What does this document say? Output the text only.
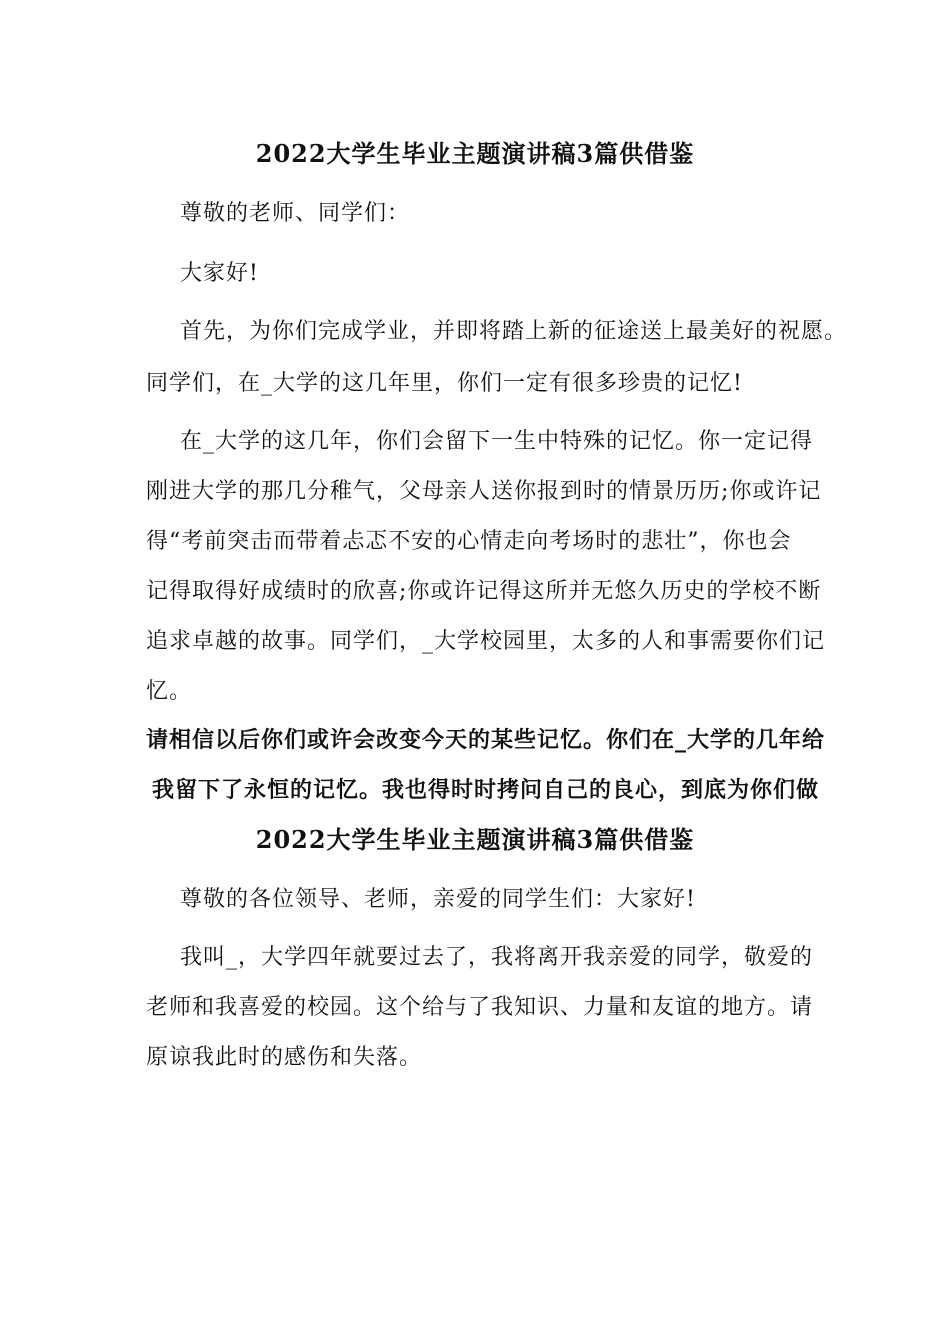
2022大学生毕业主题演讲稿3篇供借鉴
尊敬的老师、同学们：
大家好!
首先，为你们完成学业，并即将踏上新的征途送上最美好的祝愿。
同学们，在_大学的这几年里，你们一定有很多珍贵的记忆!
在_大学的这几年，你们会留下一生中特殊的记忆。你一定记得
刚进大学的那几分稚气，父母亲人送你报到时的情景历历;你或许记
得“考前突击而带着忐忑不安的心情走向考场时的悲壮”，你也会
记得取得好成绩时的欣喜;你或许记得这所并无悠久历史的学校不断
追求卓越的故事。同学们，_大学校园里，太多的人和事需要你们记
忆。
请相信以后你们或许会改变今天的某些记忆。你们在_大学的几年给
我留下了永恒的记忆。我也得时时拷问自己的良心，到底为你们做
2022大学生毕业主题演讲稿3篇供借鉴
尊敬的各位领导、老师，亲爱的同学生们：大家好!
我叫_，大学四年就要过去了，我将离开我亲爱的同学，敬爱的
老师和我喜爱的校园。这个给与了我知识、力量和友谊的地方。请
原谅我此时的感伤和失落。
